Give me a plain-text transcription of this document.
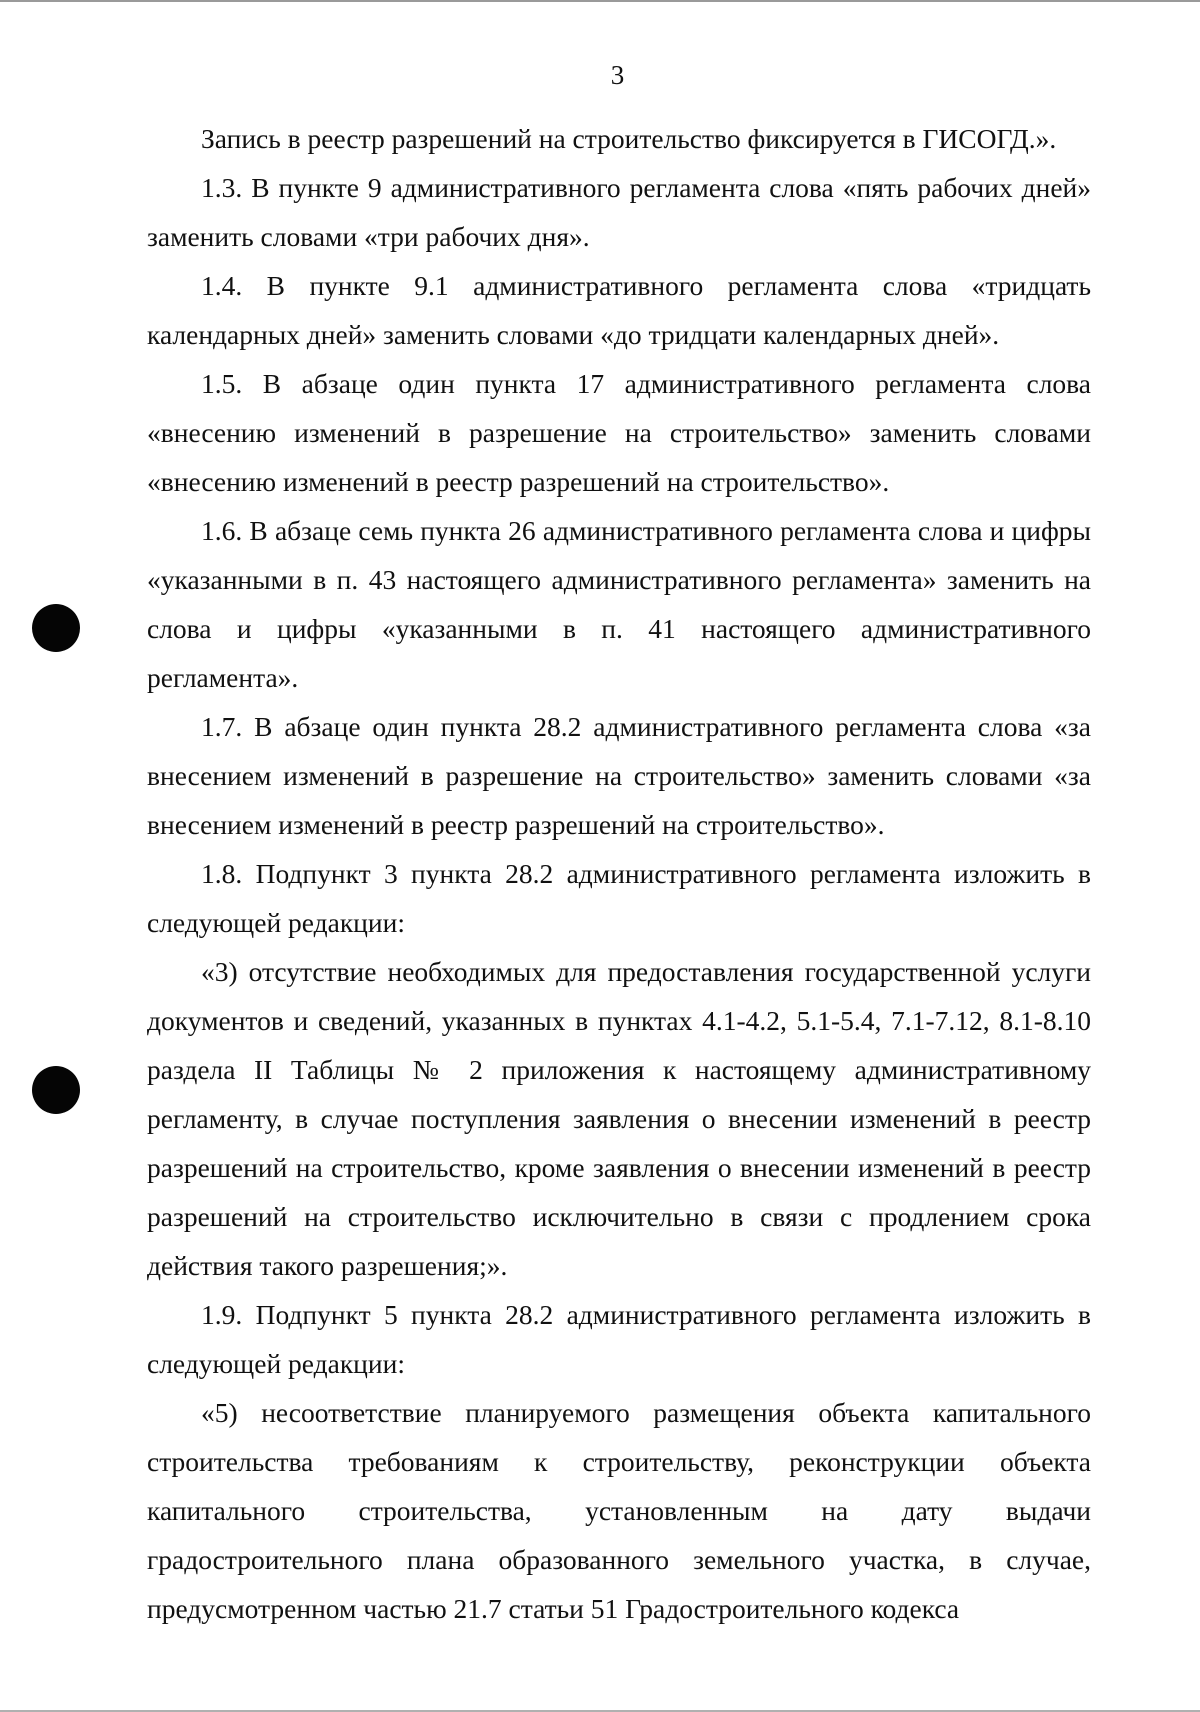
3

Запись в реестр разрешений на строительство фиксируется в ГИСОГД.».

1.3. В пункте 9 административного регламента слова «пять рабочих дней» заменить словами «три рабочих дня».

1.4. В пункте 9.1 административного регламента слова «тридцать календарных дней» заменить словами «до тридцати календарных дней».

1.5. В абзаце один пункта 17 административного регламента слова «внесению изменений в разрешение на строительство» заменить словами «внесению изменений в реестр разрешений на строительство».

1.6. В абзаце семь пункта 26 административного регламента слова и цифры «указанными в п. 43 настоящего административного регламента» заменить на слова и цифры «указанными в п. 41 настоящего административного регламента».

1.7. В абзаце один пункта 28.2 административного регламента слова «за внесением изменений в разрешение на строительство» заменить словами «за внесением изменений в реестр разрешений на строительство».

1.8. Подпункт 3 пункта 28.2 административного регламента изложить в следующей редакции:

«3) отсутствие необходимых для предоставления государственной услуги документов и сведений, указанных в пунктах 4.1-4.2, 5.1-5.4, 7.1-7.12, 8.1-8.10 раздела II Таблицы № 2 приложения к настоящему административному регламенту, в случае поступления заявления о внесении изменений в реестр разрешений на строительство, кроме заявления о внесении изменений в реестр разрешений на строительство исключительно в связи с продлением срока действия такого разрешения;».

1.9. Подпункт 5 пункта 28.2 административного регламента изложить в следующей редакции:

«5) несоответствие планируемого размещения объекта капитального строительства требованиям к строительству, реконструкции объекта капитального строительства, установленным на дату выдачи градостроительного плана образованного земельного участка, в случае, предусмотренном частью 21.7 статьи 51 Градостроительного кодекса
